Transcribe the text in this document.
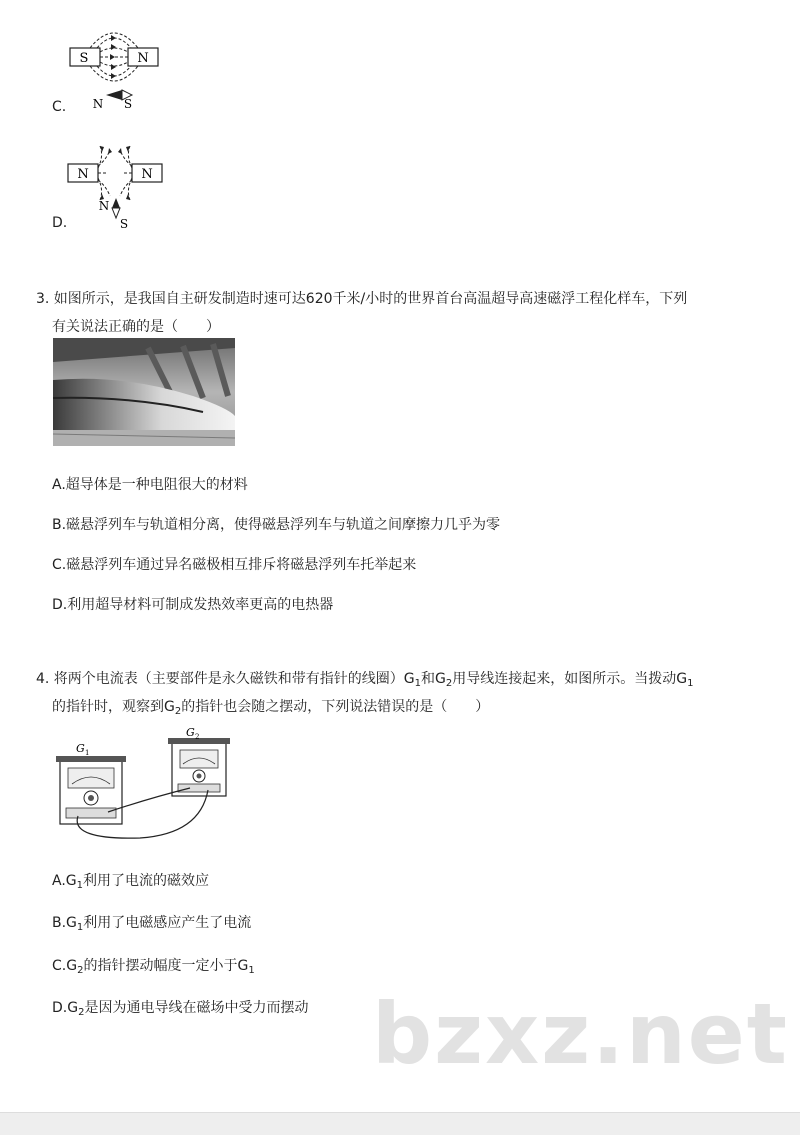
S	N
N S
C.
N	N
N
S
D.
3. 如图所示，是我国自主研发制造时速可达620千米/小时的世界首台高温超导高速磁浮工程化样车，下列
有关说法正确的是（　　）
A.超导体是一种电阻很大的材料
B.磁悬浮列车与轨道相分离，使得磁悬浮列车与轨道之间摩擦力几乎为零
C.磁悬浮列车通过异名磁极相互排斥将磁悬浮列车托举起来
D.利用超导材料可制成发热效率更高的电热器
4. 将两个电流表（主要部件是永久磁铁和带有指针的线圈）$G_1$和$G_2$用导线连接起来，如图所示。当拨动$G_1$
的指针时，观察到$G_2$的指针也会随之摆动，下列说法错误的是（　　）
G 1
G 2
$A.G_1$利用了电流的磁效应
$B.G_1$利用了电磁感应产生了电流
$C.G_2$的指针摆动幅度一定小于$G_1$
$D.G_2$是因为通电导线在磁场中受力而摆动 bzxz.net
